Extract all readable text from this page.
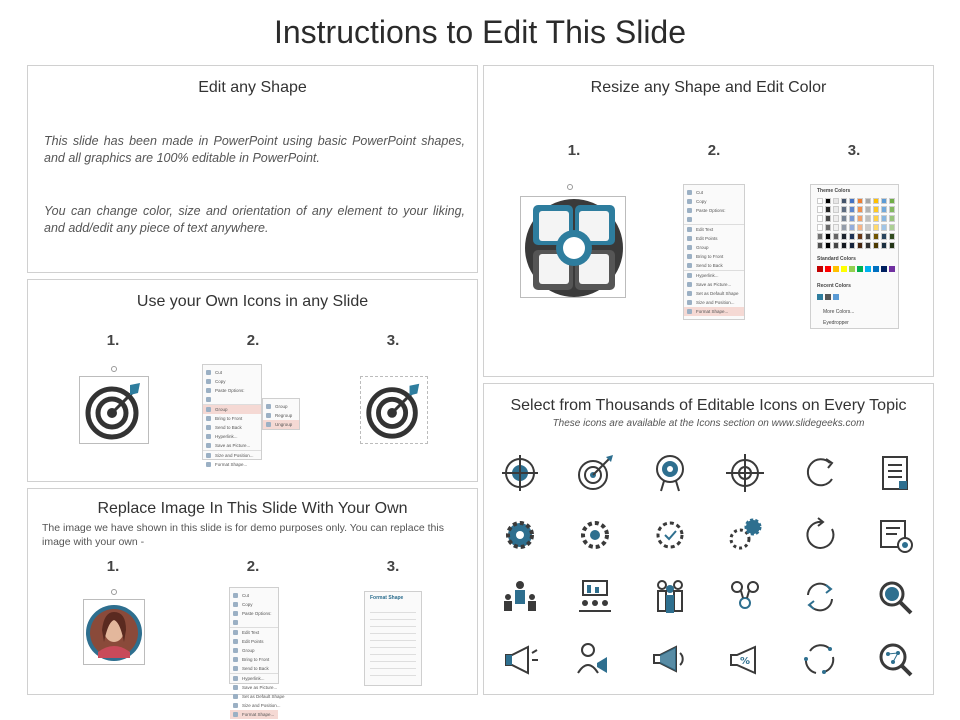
Instructions to Edit This Slide
Edit any Shape
This slide has been made in PowerPoint using basic PowerPoint shapes, and all graphics are 100% editable in PowerPoint.
You can change color, size and orientation of any element to your liking, and add/edit any piece of text anywhere.
Resize any Shape and Edit Color
1.	2.	3.
Cut
Copy
Paste Options:
Edit Text
Edit Points
Group
Bring to Front
Send to Back
Hyperlink...
Save as Picture...
Set as Default Shape
Size and Position...
Format Shape...
Theme Colors
Standard Colors
Recent Colors
More Colors...
Eyedropper
Use your Own Icons in any Slide
1.	2.	3.
Cut
Copy
Paste Options:
Group
Bring to Front
Send to Back
Hyperlink...
Save as Picture...
Size and Position...
Format Shape...
Group
Regroup
Ungroup
Replace Image In This Slide With Your Own
The image we have shown in this slide is for demo purposes only. You can replace this image with your own -
1.	2.	3.
Cut
Copy
Paste Options:
Edit Text
Edit Points
Group
Bring to Front
Send to Back
Hyperlink...
Save as Picture...
Set as Default Shape
Size and Position...
Format Shape...
Format Shape
Select from Thousands of Editable Icons on Every Topic
These icons are available at the Icons section on www.slidegeeks.com
%
